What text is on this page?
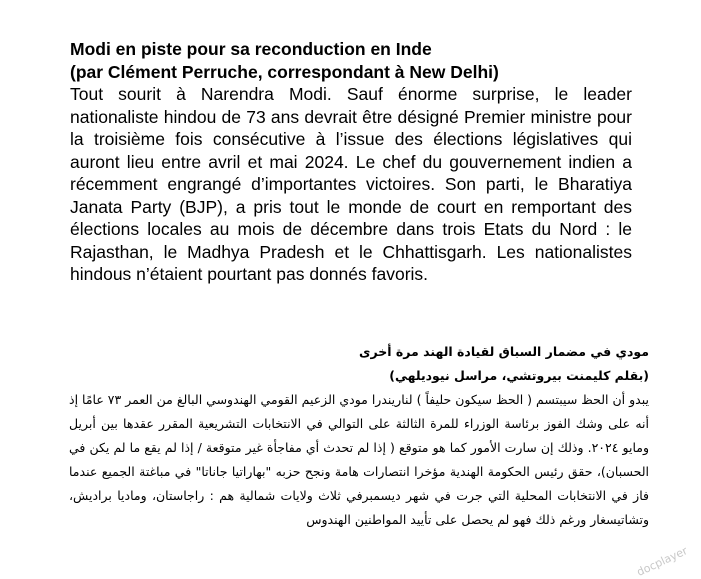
Modi en piste pour sa reconduction en Inde
(par Clément Perruche, correspondant à New Delhi)

Tout sourit à Narendra Modi. Sauf énorme surprise, le leader nationaliste hindou de 73 ans devrait être désigné Premier ministre pour la troisième fois consécutive à l’issue des élections législatives qui auront lieu entre avril et mai 2024. Le chef du gouvernement indien a récemment engrangé d’importantes victoires. Son parti, le Bharatiya Janata Party (BJP), a pris tout le monde de court en remportant des élections locales au mois de décembre dans trois Etats du Nord : le Rajasthan, le Madhya Pradesh et le Chhattisgarh. Les nationalistes hindous n’étaient pourtant pas donnés favoris.

مودي في مضمار السباق لقيادة الهند مرة أخرى
(بقلم كليمنت بيروتشي، مراسل نيوديلهي)

يبدو أن الحظ سيبتسم ( الحظ سيكون حليفاً ) لناريندرا مودي الزعيم القومي الهندوسي البالغ من العمر ٧٣ عامًا إذ أنه على وشك الفوز برئاسة الوزراء للمرة الثالثة على التوالي في الانتخابات التشريعية المقرر عقدها بين أبريل ومايو ٢٠٢٤. وذلك إن سارت الأمور كما هو متوقع ( إذا لم تحدث أي مفاجأة غير متوقعة / إذا لم يقع ما لم يكن في الحسبان)، حقق رئيس الحكومة الهندية مؤخرا انتصارات هامة ونجح حزبه "بهاراتيا جاناتا" في مباغتة الجميع عندما فاز في الانتخابات المحلية التي جرت في شهر ديسمبرفي ثلاث ولايات شمالية هم : راجاستان، وماديا براديش، وتشاتيسغار ورغم ذلك فهو لم يحصل على تأييد المواطنين الهندوس

docplayer
